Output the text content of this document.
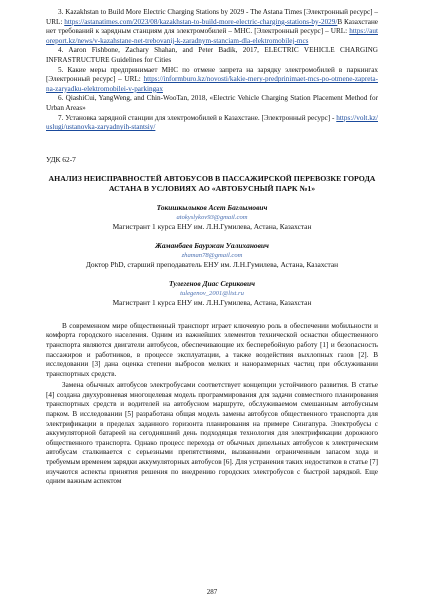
3. Kazakhstan to Build More Electric Charging Stations by 2029 - The Astana Times [Электронный ресурс] – URL: https://astanatimes.com/2023/08/kazakhstan-to-build-more-electric-charging-stations-by-2029/В Казахстане нет требований к зарядным станциям для электромобилей – МНС. [Электронный ресурс] – URL: https://autoreport.kz/news/v-kazahstane-net-trebovanij-k-zaradnym-stanciam-dla-elektromobilej-mcs

4. Aaron Fishbone, Zachary Shahan, and Peter Badik, 2017, ELECTRIC VEHICLE CHARGING INFRASTRUCTURE Guidelines for Cities

5. Какие меры предпринимает МНС по отмене запрета на зарядку электромобилей в паркингах [Электронный ресурс] – URL: https://informburo.kz/novosti/kakie-mery-predprinimaet-mcs-po-otmene-zapreta-na-zaryadku-elektromobilei-v-parkingax

6. QiashiCui, YangWeng, and Chin-WooTan, 2018, «Electric Vehicle Charging Station Placement Method for Urban Areas»

7. Установка зарядной станции для электромобилей в Казахстане. [Электронный ресурс] - https://volt.kz/uslugi/ustanovka-zaryadnyih-stantsiy/

УДК 62-7
АНАЛИЗ НЕИСПРАВНОСТЕЙ АВТОБУСОВ В ПАССАЖИРСКОЙ ПЕРЕВОЗКЕ ГОРОДА АСТАНА В УСЛОВИЯХ АО «АВТОБУСНЫЙ ПАРК №1»
Токишкылыков Асет Баглымович
atokyslykov93@gmail.com
Магистрант 1 курса ЕНУ им. Л.Н.Гумилева, Астана, Казахстан
Жаманбаев Бауржан Уалиханович
zhaman78@gmail.com
Доктор PhD, старший преподаватель ЕНУ им. Л.Н.Гумилева, Астана, Казахстан
Тулегенов Диас Серикович
tulegenov_2001@list.ru
Магистрант 1 курса ЕНУ им. Л.Н.Гумилева, Астана, Казахстан

В современном мире общественный транспорт играет ключевую роль в обеспечении мобильности и комфорта городского населения. Одним из важнейших элементов технической оснастки общественного транспорта являются двигатели автобусов, обеспечивающие их бесперебойную работу [1] и безопасность пассажиров и работников, в процессе эксплуатации, а также воздействия выхлопных газов [2]. В исследовании [3] дана оценка степени выбросов мелких и наноразмерных частиц при обслуживании транспортных средств.

Замена обычных автобусов электробусами соответствует концепции устойчивого развития. В статье [4] создана двухуровневая многоцелевая модель программирования для задачи совместного планирования транспортных средств и водителей на автобусном маршруте, обслуживаемом смешанным автобусным парком. В исследовании [5] разработана общая модель замены автобусов общественного транспорта для электрификации в пределах заданного горизонта планирования на примере Сингапура. Электробусы с аккумуляторной батареей на сегодняшний день подходящая технология для электрификации дорожного общественного транспорта. Однако процесс перехода от обычных дизельных автобусов к электрическим автобусам сталкивается с серьезными препятствиями, вызванными ограниченным запасом хода и требуемым временем зарядки аккумуляторных автобусов [6]. Для устранения таких недостатков в статье [7] изучаются аспекты принятия решения по внедрению городских электробусов с быстрой зарядкой. Еще одним важным аспектом

287
